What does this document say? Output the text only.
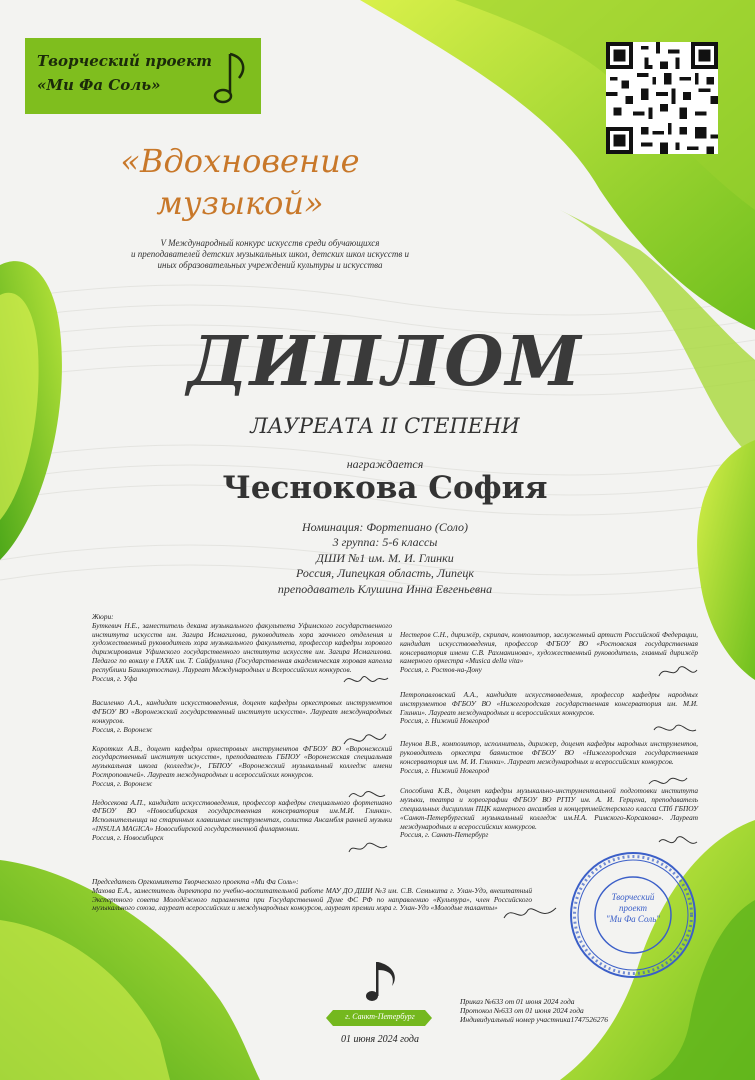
Творческий проект
«Ми Фа Соль»
«Вдохновение
музыкой»
V Международный конкурс искусств среди обучающихся
и преподавателей детских музыкальных школ, детских школ искусств и
иных образовательных учреждений культуры и искусства
ДИПЛОМ
ЛАУРЕАТА II СТЕПЕНИ
награждается
Чеснокова София
Номинация: Фортепиано (Соло)
3 группа: 5-6 классы
ДШИ №1 им. М. И. Глинки
Россия, Липецкая область, Липецк
преподаватель Клушина Инна Евгеньевна

Жюри:

Буткевич Н.Е., заместитель декана музыкального факультета Уфимского государственного института искусств им. Загира Исмагилова, руководитель хора заочного отделения и художественный руководитель хора музыкального факультета, профессор кафедры хорового дирижирования Уфимского государственного института искусств им. Загира Исмагилова. Педагог по вокалу в ГАХК им. Т. Сайфуллина (Государственная академическая хоровая капелла республики Башкортостан). Лауреат Международных и Всероссийских конкурсов.

Россия, г. Уфа

Василенко А.А., кандидат искусствоведения, доцент кафедры оркестровых инструментов ФГБОУ ВО «Воронежский государственный институт искусств». Лауреат международных конкурсов.

Россия, г. Воронеж

Короткиx А.В., доцент кафедры оркестровых инструментов ФГБОУ ВО «Воронежский государственный институт искусств», преподаватель ГБПОУ «Воронежская специальная музыкальная школа (колледж)», ГБПОУ «Воронежский музыкальный колледж имени Ростроповичей». Лауреат международных и всероссийских конкурсов.

Россия, г. Воронеж

Недосекова А.П., кандидат искусствоведения, профессор кафедры специального фортепиано ФГБОУ ВО «Новосибирская государственная консерватория им.М.И. Глинки». Исполнительница на старинных клавишных инструментах, солистка Ансамбля ранней музыки «INSULA MAGICA» Новосибирской государственной филармонии.

Россия, г. Новосибирск

Нестеров С.Н., дирижёр, скрипач, композитор, заслуженный артист Российской Федерации, кандидат искусствоведения, профессор ФГБОУ ВО «Ростовская государственная консерватория имени С.В. Рахманинова», художественный руководитель, главный дирижёр камерного оркестра «Musica della vita»

Россия, г. Ростов-на-Дону

Петропавловский А.А., кандидат искусствоведения, профессор кафедры народных инструментов ФГБОУ ВО «Нижегородская государственная консерватория им. М.И. Глинки». Лауреат международных и всероссийских конкурсов.

Россия, г. Нижний Новгород

Пеунов В.В., композитор, исполнитель, дирижер, доцент кафедры народных инструментов, руководитель оркестра баянистов ФГБОУ ВО «Нижегородская государственная консерватория им. М. И. Глинки». Лауреат международных и всероссийских конкурсов.

Россия, г. Нижний Новгород

Способина К.В., доцент кафедры музыкально-инструментальной подготовки института музыки, театра и хореографии ФГБОУ ВО РГПУ им. А. И. Герцена, преподаватель специальных дисциплин ПЦК камерного ансамбля и концертмейстерского класса СПб ГБПОУ «Санкт-Петербургский музыкальный колледж им.Н.А. Римского-Корсакова». Лауреат международных и всероссийских конкурсов.

Россия, г. Санкт-Петербург

Председатель Оргкомитета Творческого проекта «Ми Фа Соль»:

Махова Е.А., заместитель директора по учебно-воспитательной работе МАУ ДО ДШИ №3 им. С.В. Семькита г. Улан-Удэ, внештатный Экспертного совета Молодёжного парламента при Государственной Думе ФС РФ по направлению «Культура», член Российского музыкального союза, лауреат всероссийских и международных конкурсов, лауреат премии мэра г. Улан-Удэ «Молодые таланты»

Творческий
проект
"Ми Фа Соль"
Приказ №633 от 01 июня 2024 года
Протокол №633 от 01 июня 2024 года
Индивидуальный номер участника1747526276
г. Санкт-Петербург
01 июня 2024 года
